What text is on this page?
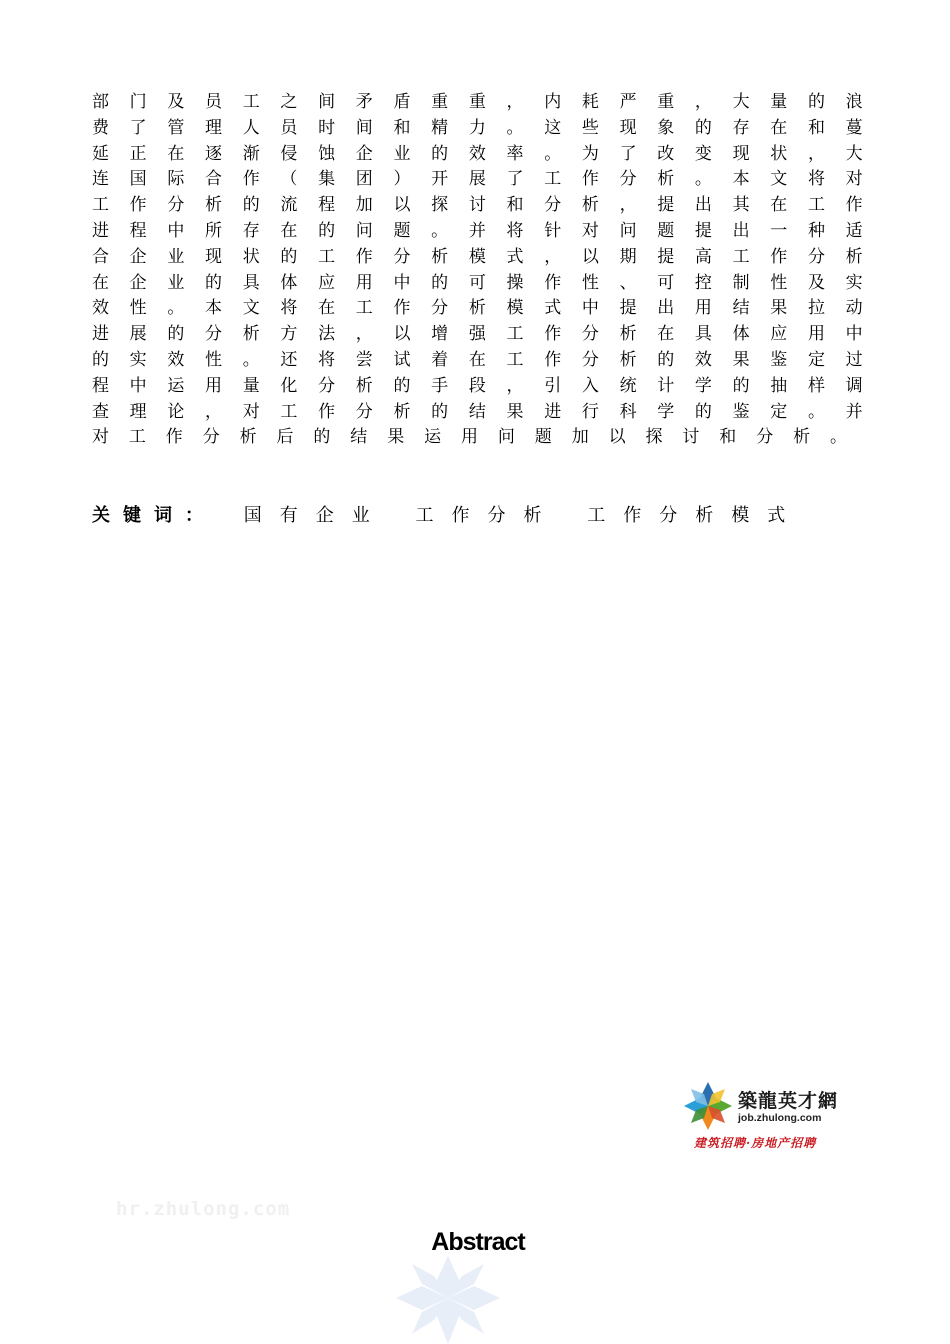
部 门 及 员 工 之 间 矛 盾 重 重 ， 内 耗 严 重 ， 大 量 的 浪
费 了 管 理 人 员 时 间 和 精 力 。 这 些 现 象 的 存 在 和 蔓
延 正 在 逐 渐 侵 蚀 企 业 的 效 率 。 为 了 改 变 现 状 ， 大
连 国 际 合 作 （ 集 团 ） 开 展 了 工 作 分 析 。 本 文 将 对
工 作 分 析 的 流 程 加 以 探 讨 和 分 析 ， 提 出 其 在 工 作
进 程 中 所 存 在 的 问 题 。 并 将 针 对 问 题 提 出 一 种 适
合 企 业 现 状 的 工 作 分 析 模 式 ， 以 期 提 高 工 作 分 析
在 企 业 的 具 体 应 用 中 的 可 操 作 性 、 可 控 制 性 及 实
效 性 。 本 文 将 在 工 作 分 析 模 式 中 提 出 用 结 果 拉 动
进 展 的 分 析 方 法 ， 以 增 强 工 作 分 析 在 具 体 应 用 中
的 实 效 性 。 还 将 尝 试 着 在 工 作 分 析 的 效 果 鉴 定 过
程 中 运 用 量 化 分 析 的 手 段 ， 引 入 统 计 学 的 抽 样 调
查 理 论 ， 对 工 作 分 析 的 结 果 进 行 科 学 的 鉴 定 。 并
对 工 作 分 析 后 的 结 果 运 用 问 题 加 以 探 讨 和 分 析 。
关键词： 国有企业 工作分析 工作分析模式
築龍英才網
job.zhulong.com
建筑招聘·房地产招聘
hr.zhulong.com
Abstract
